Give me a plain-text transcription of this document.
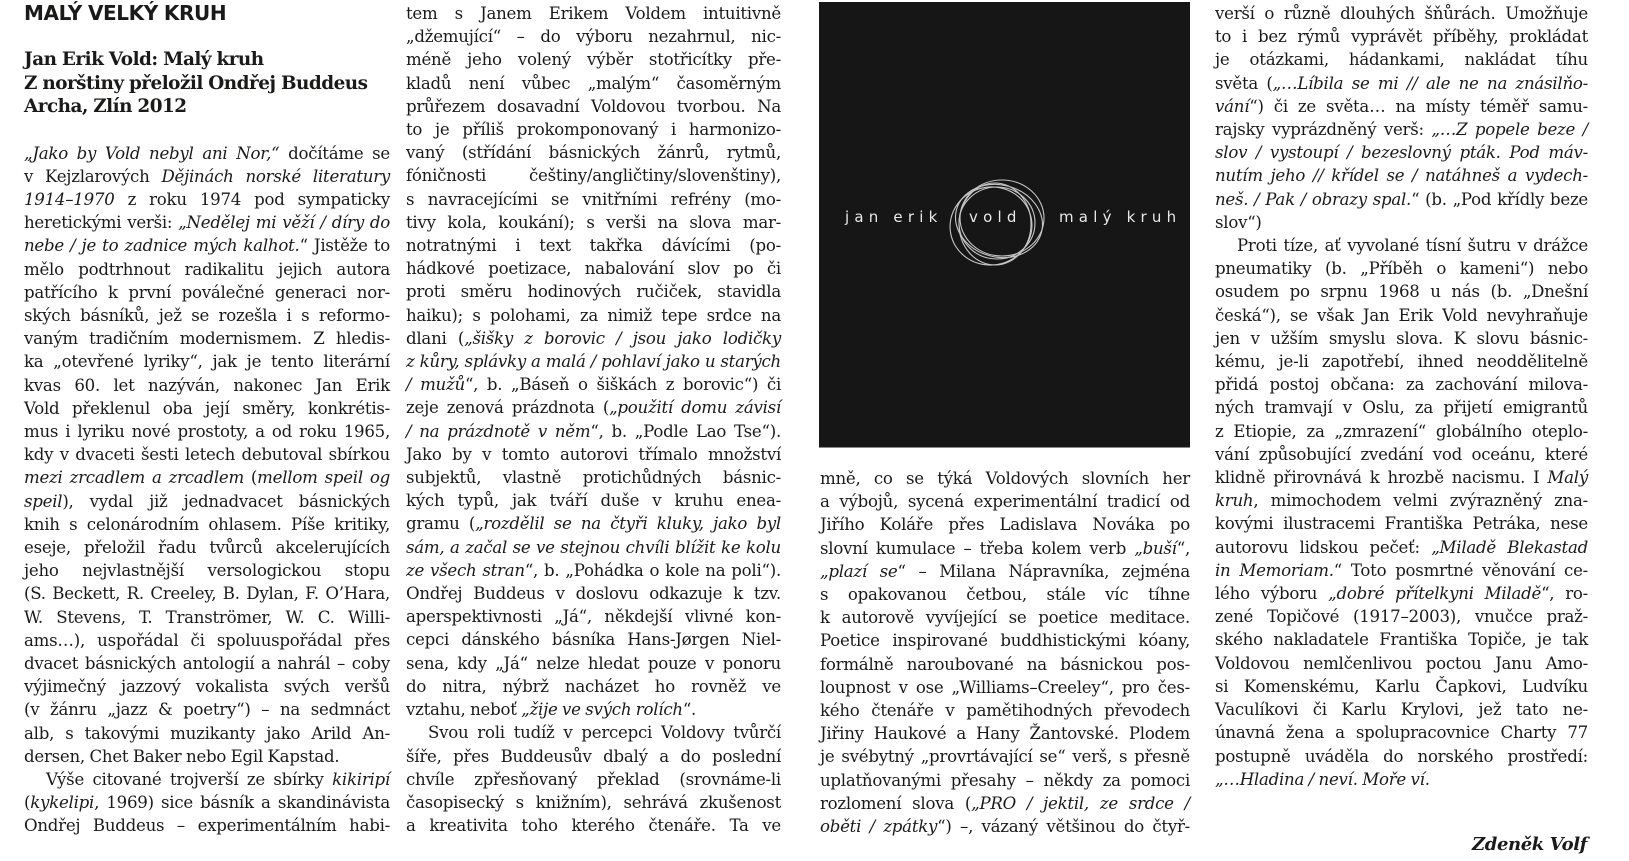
MALÝ VELKÝ KRUH
Jan Erik Vold: Malý kruh
Z norštiny přeložil Ondřej Buddeus
Archa, Zlín 2012
„Jako by Vold nebyl ani Nor,“ dočítáme se
v Kejzlarových Dějinách norské literatury
1914–1970 z roku 1974 pod sympaticky
heretickými verši: „Nedělej mi věží / díry do
nebe / je to zadnice mých kalhot.“ Jistěže to
mělo podtrhnout radikalitu jejich autora
patřícího k první poválečné generaci nor-
ských básníků, jež se rozešla i s reformo-
vaným tradičním modernismem. Z hledis-
ka „otevřené lyriky“, jak je tento literární
kvas 60. let nazýván, nakonec Jan Erik
Vold překlenul oba její směry, konkrétis-
mus i lyriku nové prostoty, a od roku 1965,
kdy v dvaceti šesti letech debutoval sbírkou
mezi zrcadlem a zrcadlem (mellom speil og
speil), vydal již jednadvacet básnických
knih s celonárodním ohlasem. Píše kritiky,
eseje, přeložil řadu tvůrců akcelerujících
jeho nejvlastnější versologickou stopu
(S. Beckett, R. Creeley, B. Dylan, F. O’Hara,
W. Stevens, T. Tranströmer, W. C. Willi-
ams…), uspořádal či spoluuspořádal přes
dvacet básnických antologií a nahrál – coby
výjimečný jazzový vokalista svých veršů
(v žánru „jazz & poetry“) – na sedmnáct
alb, s takovými muzikanty jako Arild An-
dersen, Chet Baker nebo Egil Kapstad.
Výše citované trojverší ze sbírky kikiripí
(kykelipi, 1969) sice básník a skandinávista
Ondřej Buddeus – experimentálním habi-
tem s Janem Erikem Voldem intuitivně
„džemující“ – do výboru nezahrnul, nic-
méně jeho volený výběr stotřicítky pře-
kladů není vůbec „malým“ časoměrným
průřezem dosavadní Voldovou tvorbou. Na
to je příliš prokomponovaný i harmonizo-
vaný (střídání básnických žánrů, rytmů,
fóničnosti češtiny/angličtiny/slovenštiny),
s navracejícími se vnitřními refrény (mo-
tivy kola, koukání); s verši na slova mar-
notratnými i text takřka dávícími (po-
hádkové poetizace, nabalování slov po či
proti směru hodinových ručiček, stavidla
haiku); s polohami, za nimiž tepe srdce na
dlani („šišky z borovic / jsou jako lodičky
z kůry, splávky a malá / pohlaví jako u starých
/ mužů“, b. „Báseň o šiškách z borovic“) či
zeje zenová prázdnota („použití domu závisí
/ na prázdnotě v něm“, b. „Podle Lao Tse“).
Jako by v tomto autorovi třímalo množství
subjektů, vlastně protichůdných básnic-
kých typů, jak tváří duše v kruhu enea-
gramu („rozdělil se na čtyři kluky, jako byl
sám, a začal se ve stejnou chvíli blížit ke kolu
ze všech stran“, b. „Pohádka o kole na poli“).
Ondřej Buddeus v doslovu odkazuje k tzv.
aperspektivnosti „Já“, někdejší vlivné kon-
cepci dánského básníka Hans-Jørgen Niel-
sena, kdy „Já“ nelze hledat pouze v ponoru
do nitra, nýbrž nacházet ho rovněž ve
vztahu, neboť „žije ve svých rolích“.
Svou roli tudíž v percepci Voldovy tvůrčí
šíře, přes Buddeusův dbalý a do poslední
chvíle zpřesňovaný překlad (srovnáme-li
časopisecký s knižním), sehrává zkušenost
a kreativita toho kterého čtenáře. Ta ve
jan erik vold malý kruh
mně, co se týká Voldových slovních her
a výbojů, sycená experimentální tradicí od
Jiřího Koláře přes Ladislava Nováka po
slovní kumulace – třeba kolem verb „buší“,
„plazí se“ – Milana Nápravníka, zejména
s opakovanou četbou, stále víc tíhne
k autorově vyvíjející se poetice meditace.
Poetice inspirované buddhistickými kóany,
formálně naroubované na básnickou pos-
loupnost v ose „Williams–Creeley“, pro čes-
kého čtenáře v pamětihodných převodech
Jiřiny Haukové a Hany Žantovské. Plodem
je svébytný „provrtávající se“ verš, s přesně
uplatňovanými přesahy – někdy za pomoci
rozlomení slova („PRO / jektil, ze srdce /
oběti / zpátky“) –, vázaný většinou do čtyř-
verší o různě dlouhých šňůrách. Umožňuje
to i bez rýmů vyprávět příběhy, prokládat
je otázkami, hádankami, nakládat tíhu
světa („…Líbila se mi // ale ne na znásilňo-
vání“) či ze světa… na místy téměř samu-
rajsky vyprázdněný verš: „…Z popele beze /
slov / vystoupí / bezeslovný pták. Pod máv-
nutím jeho // křídel se / natáhneš a vydech-
neš. / Pak / obrazy spal.“ (b. „Pod křídly beze
slov“)
Proti tíze, ať vyvolané tísní šutru v drážce
pneumatiky (b. „Příběh o kameni“) nebo
osudem po srpnu 1968 u nás (b. „Dnešní
česká“), se však Jan Erik Vold nevyhraňuje
jen v užším smyslu slova. K slovu básnic-
kému, je-li zapotřebí, ihned neoddělitelně
přidá postoj občana: za zachování milova-
ných tramvají v Oslu, za přijetí emigrantů
z Etiopie, za „zmrazení“ globálního oteplo-
vání způsobující zvedání vod oceánu, které
klidně přirovnává k hrozbě nacismu. I Malý
kruh, mimochodem velmi zvýrazněný zna-
kovými ilustracemi Františka Petráka, nese
autorovu lidskou pečeť: „Miladě Blekastad
in Memoriam.“ Toto posmrtné věnování ce-
lého výboru „dobré přítelkyni Miladě“, ro-
zené Topičové (1917–2003), vnučce praž-
ského nakladatele Františka Topiče, je tak
Voldovou nemlčenlivou poctou Janu Amo-
si Komenskému, Karlu Čapkovi, Ludvíku
Vaculíkovi či Karlu Krylovi, jež tato ne-
únavná žena a spolupracovnice Charty 77
postupně uváděla do norského prostředí:
„…Hladina / neví. Moře ví.
Zdeněk Volf
